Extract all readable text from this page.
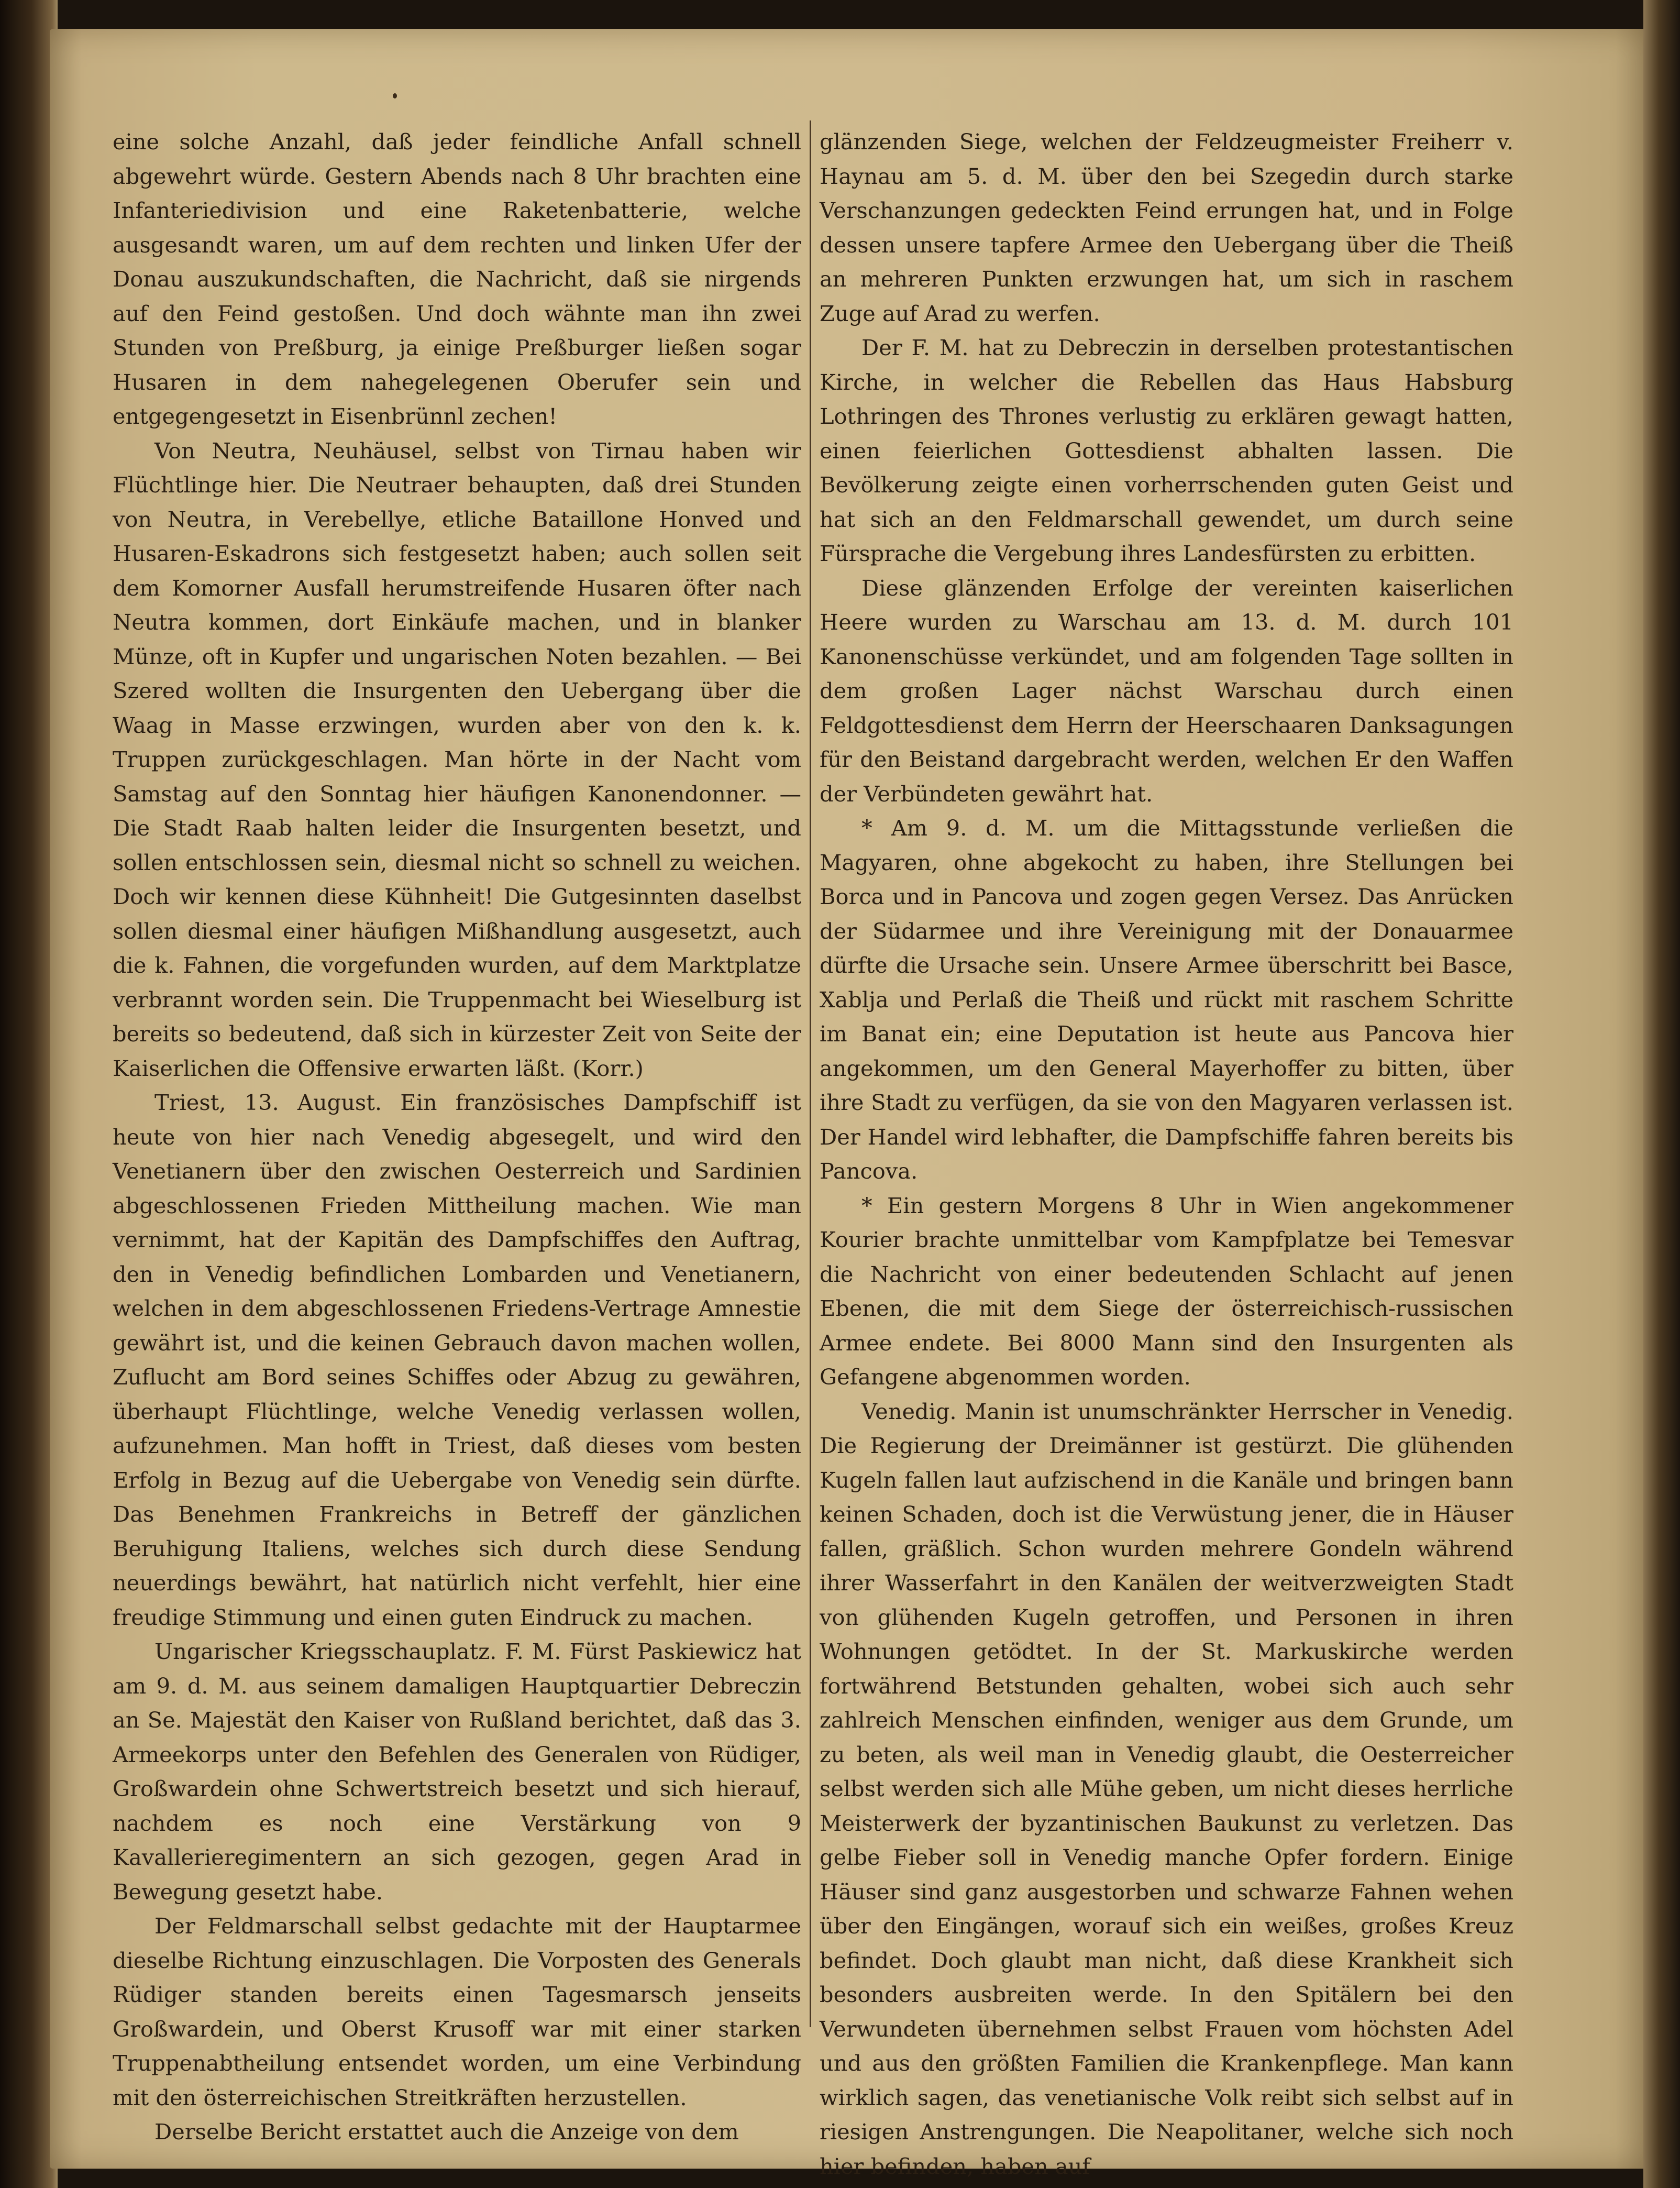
eine solche Anzahl, daß jeder feindliche Anfall schnell abgewehrt würde. Gestern Abends nach 8 Uhr brachten eine Infanteriedivision und eine Raketenbatterie, welche ausgesandt waren, um auf dem rechten und linken Ufer der Donau auszukundschaften, die Nachricht, daß sie nirgends auf den Feind gestoßen. Und doch wähnte man ihn zwei Stunden von Preßburg, ja einige Preßburger ließen sogar Husaren in dem nahegelegenen Oberufer sein und entgegengesetzt in Eisenbrünnl zechen!

Von Neutra, Neuhäusel, selbst von Tirnau haben wir Flüchtlinge hier. Die Neutraer behaupten, daß drei Stunden von Neutra, in Verebellye, etliche Bataillone Honved und Husaren-Eskadrons sich festgesetzt haben; auch sollen seit dem Komorner Ausfall herumstreifende Husaren öfter nach Neutra kommen, dort Einkäufe machen, und in blanker Münze, oft in Kupfer und ungarischen Noten bezahlen. — Bei Szered wollten die Insurgenten den Uebergang über die Waag in Masse erzwingen, wurden aber von den k. k. Truppen zurückgeschlagen. Man hörte in der Nacht vom Samstag auf den Sonntag hier häufigen Kanonendonner. — Die Stadt Raab halten leider die Insurgenten besetzt, und sollen entschlossen sein, diesmal nicht so schnell zu weichen. Doch wir kennen diese Kühnheit! Die Gutgesinnten daselbst sollen diesmal einer häufigen Mißhandlung ausgesetzt, auch die k. Fahnen, die vorgefunden wurden, auf dem Marktplatze verbrannt worden sein. Die Truppenmacht bei Wieselburg ist bereits so bedeutend, daß sich in kürzester Zeit von Seite der Kaiserlichen die Offensive erwarten läßt. (Korr.)

Triest, 13. August. Ein französisches Dampfschiff ist heute von hier nach Venedig abgesegelt, und wird den Venetianern über den zwischen Oesterreich und Sardinien abgeschlossenen Frieden Mittheilung machen. Wie man vernimmt, hat der Kapitän des Dampfschiffes den Auftrag, den in Venedig befindlichen Lombarden und Venetianern, welchen in dem abgeschlossenen Friedens-Vertrage Amnestie gewährt ist, und die keinen Gebrauch davon machen wollen, Zuflucht am Bord seines Schiffes oder Abzug zu gewähren, überhaupt Flüchtlinge, welche Venedig verlassen wollen, aufzunehmen. Man hofft in Triest, daß dieses vom besten Erfolg in Bezug auf die Uebergabe von Venedig sein dürfte. Das Benehmen Frankreichs in Betreff der gänzlichen Beruhigung Italiens, welches sich durch diese Sendung neuerdings bewährt, hat natürlich nicht verfehlt, hier eine freudige Stimmung und einen guten Eindruck zu machen.

Ungarischer Kriegsschauplatz. F. M. Fürst Paskiewicz hat am 9. d. M. aus seinem damaligen Hauptquartier Debreczin an Se. Majestät den Kaiser von Rußland berichtet, daß das 3. Armeekorps unter den Befehlen des Generalen von Rüdiger, Großwardein ohne Schwertstreich besetzt und sich hierauf, nachdem es noch eine Verstärkung von 9 Kavallerieregimentern an sich gezogen, gegen Arad in Bewegung gesetzt habe.

Der Feldmarschall selbst gedachte mit der Hauptarmee dieselbe Richtung einzuschlagen. Die Vorposten des Generals Rüdiger standen bereits einen Tagesmarsch jenseits Großwardein, und Oberst Krusoff war mit einer starken Truppenabtheilung entsendet worden, um eine Verbindung mit den österreichischen Streitkräften herzustellen.

Derselbe Bericht erstattet auch die Anzeige von dem

glänzenden Siege, welchen der Feldzeugmeister Freiherr v. Haynau am 5. d. M. über den bei Szegedin durch starke Verschanzungen gedeckten Feind errungen hat, und in Folge dessen unsere tapfere Armee den Uebergang über die Theiß an mehreren Punkten erzwungen hat, um sich in raschem Zuge auf Arad zu werfen.

Der F. M. hat zu Debreczin in derselben protestantischen Kirche, in welcher die Rebellen das Haus Habsburg Lothringen des Thrones verlustig zu erklären gewagt hatten, einen feierlichen Gottesdienst abhalten lassen. Die Bevölkerung zeigte einen vorherrschenden guten Geist und hat sich an den Feldmarschall gewendet, um durch seine Fürsprache die Vergebung ihres Landesfürsten zu erbitten.

Diese glänzenden Erfolge der vereinten kaiserlichen Heere wurden zu Warschau am 13. d. M. durch 101 Kanonenschüsse verkündet, und am folgenden Tage sollten in dem großen Lager nächst Warschau durch einen Feldgottesdienst dem Herrn der Heerschaaren Danksagungen für den Beistand dargebracht werden, welchen Er den Waffen der Verbündeten gewährt hat.

* Am 9. d. M. um die Mittagsstunde verließen die Magyaren, ohne abgekocht zu haben, ihre Stellungen bei Borca und in Pancova und zogen gegen Versez. Das Anrücken der Südarmee und ihre Vereinigung mit der Donauarmee dürfte die Ursache sein. Unsere Armee überschritt bei Basce, Xablja und Perlaß die Theiß und rückt mit raschem Schritte im Banat ein; eine Deputation ist heute aus Pancova hier angekommen, um den General Mayerhoffer zu bitten, über ihre Stadt zu verfügen, da sie von den Magyaren verlassen ist. Der Handel wird lebhafter, die Dampfschiffe fahren bereits bis Pancova.

* Ein gestern Morgens 8 Uhr in Wien angekommener Kourier brachte unmittelbar vom Kampfplatze bei Temesvar die Nachricht von einer bedeutenden Schlacht auf jenen Ebenen, die mit dem Siege der österreichisch-russischen Armee endete. Bei 8000 Mann sind den Insurgenten als Gefangene abgenommen worden.

Venedig. Manin ist unumschränkter Herrscher in Venedig. Die Regierung der Dreimänner ist gestürzt. Die glühenden Kugeln fallen laut aufzischend in die Kanäle und bringen bann keinen Schaden, doch ist die Verwüstung jener, die in Häuser fallen, gräßlich. Schon wurden mehrere Gondeln während ihrer Wasserfahrt in den Kanälen der weitverzweigten Stadt von glühenden Kugeln getroffen, und Personen in ihren Wohnungen getödtet. In der St. Markuskirche werden fortwährend Betstunden gehalten, wobei sich auch sehr zahlreich Menschen einfinden, weniger aus dem Grunde, um zu beten, als weil man in Venedig glaubt, die Oesterreicher selbst werden sich alle Mühe geben, um nicht dieses herrliche Meisterwerk der byzantinischen Baukunst zu verletzen. Das gelbe Fieber soll in Venedig manche Opfer fordern. Einige Häuser sind ganz ausgestorben und schwarze Fahnen wehen über den Eingängen, worauf sich ein weißes, großes Kreuz befindet. Doch glaubt man nicht, daß diese Krankheit sich besonders ausbreiten werde. In den Spitälern bei den Verwundeten übernehmen selbst Frauen vom höchsten Adel und aus den größten Familien die Krankenpflege. Man kann wirklich sagen, das venetianische Volk reibt sich selbst auf in riesigen Anstrengungen. Die Neapolitaner, welche sich noch hier befinden, haben auf
